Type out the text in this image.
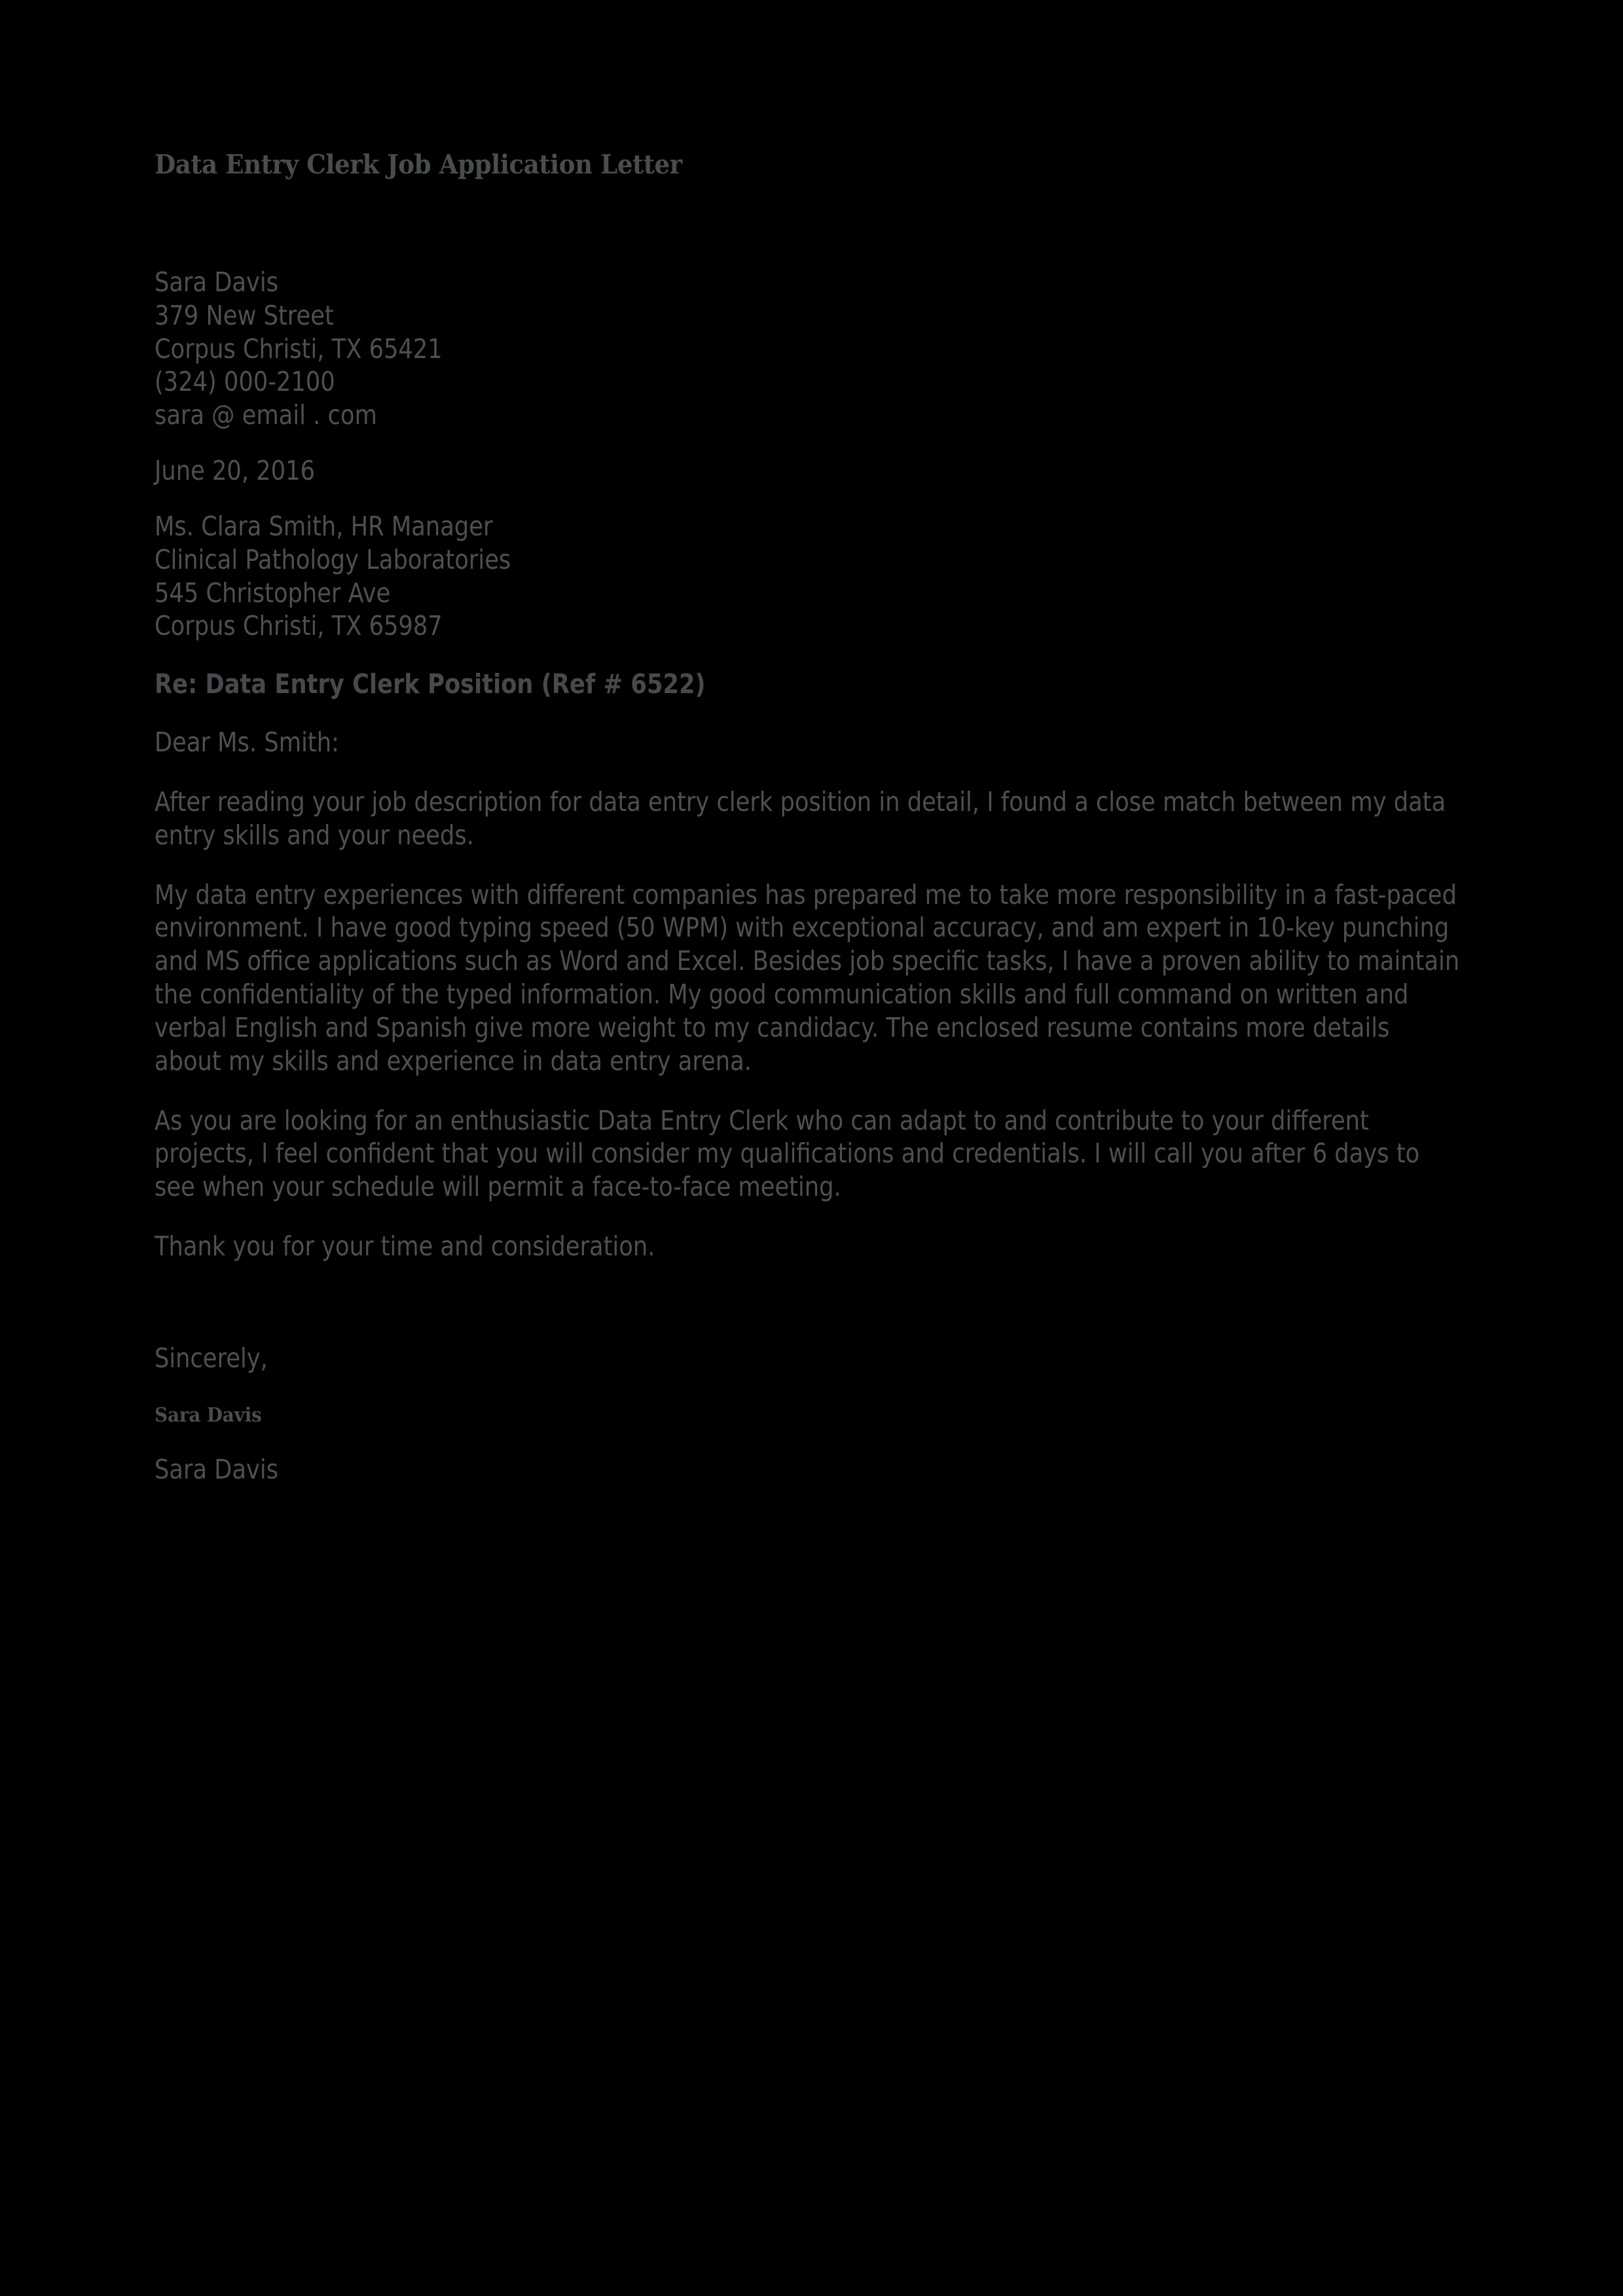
Data Entry Clerk Job Application Letter
Sara Davis
379 New Street
Corpus Christi, TX 65421
(324) 000-2100
sara @ email . com
June 20, 2016
Ms. Clara Smith, HR Manager
Clinical Pathology Laboratories
545 Christopher Ave
Corpus Christi, TX 65987
Re: Data Entry Clerk Position (Ref # 6522)
Dear Ms. Smith:

After reading your job description for data entry clerk position in detail, I found a close match between my data entry skills and your needs.

My data entry experiences with different companies has prepared me to take more responsibility in a fast-paced environment. I have good typing speed (50 WPM) with exceptional accuracy, and am expert in 10-key punching and MS office applications such as Word and Excel. Besides job specific tasks, I have a proven ability to maintain the confidentiality of the typed information. My good communication skills and full command on written and verbal English and Spanish give more weight to my candidacy. The enclosed resume contains more details about my skills and experience in data entry arena.

As you are looking for an enthusiastic Data Entry Clerk who can adapt to and contribute to your different projects, I feel confident that you will consider my qualifications and credentials. I will call you after 6 days to see when your schedule will permit a face-to-face meeting.

Thank you for your time and consideration.

Sincerely,
Sara Davis
Sara Davis
